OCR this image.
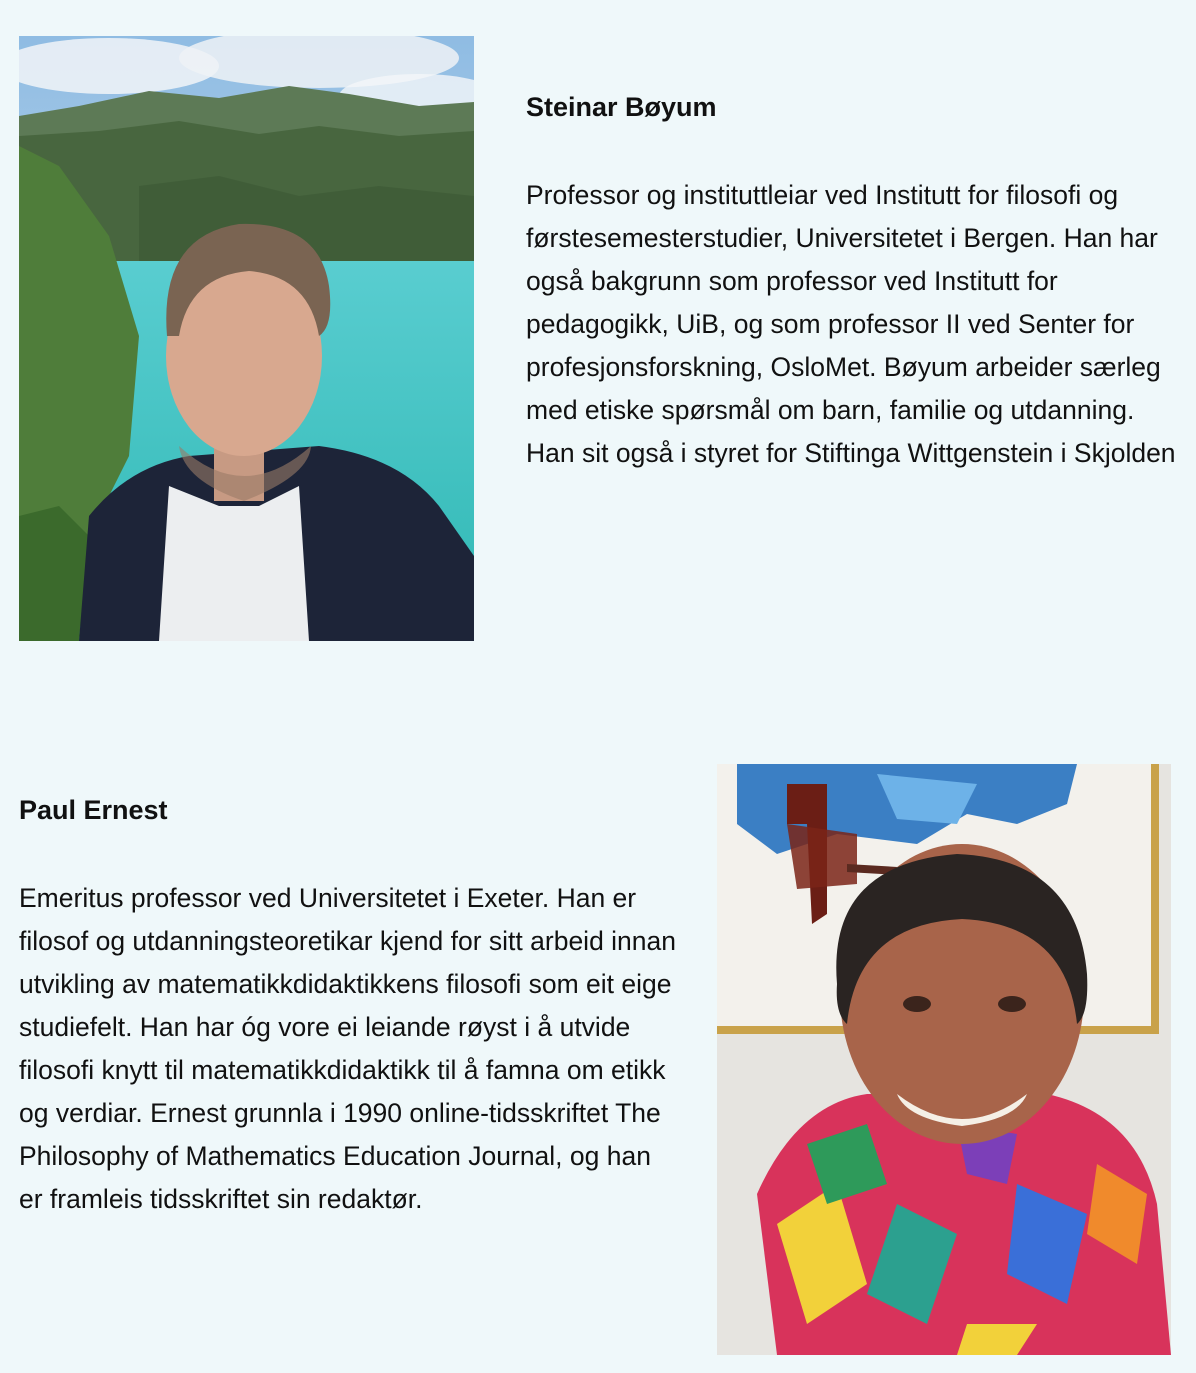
Steinar Bøyum

Professor og instituttleiar ved Institutt for filosofi og førstesemesterstudier, Universitetet i Bergen. Han har også bakgrunn som professor ved Institutt for pedagogikk, UiB, og som professor II ved Senter for profesjonsforskning, OsloMet. Bøyum arbeider særleg med etiske spørsmål om barn, familie og utdanning. Han sit også i styret for Stiftinga Wittgenstein i Skjolden

Paul Ernest

Emeritus professor ved Universitetet i Exeter. Han er filosof og utdanningsteoretikar kjend for sitt arbeid innan utvikling av matematikkdidaktikkens filosofi som eit eige studiefelt. Han har óg vore ei leiande røyst i å utvide filosofi knytt til matematikkdidaktikk til å famna om etikk og verdiar. Ernest grunnla i 1990 online-tidsskriftet The Philosophy of Mathematics Education Journal, og han er framleis tidsskriftet sin redaktør.
